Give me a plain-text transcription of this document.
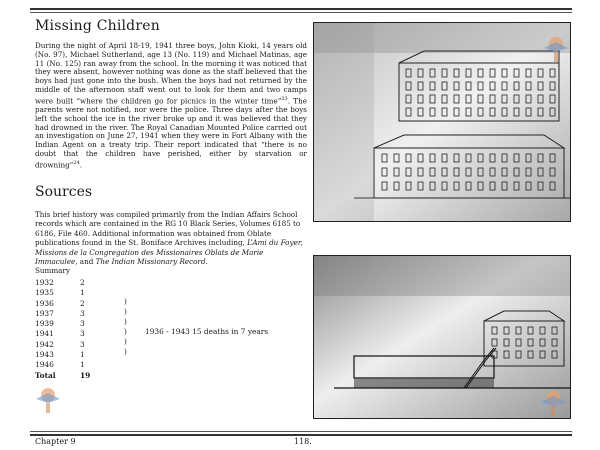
Missing Children

During the night of April 18-19, 1941 three boys, John Kioki, 14 years old (No. 97), Michael Sutherland, age 13 (No. 119) and Michael Matinas, age 11 (No. 125) ran away from the school. In the morning it was noticed that they were absent, however nothing was done as the staff believed that the boys had just gone into the bush. When the boys had not returned by the middle of the afternoon staff went out to look for them and two camps were built “where the children go for picnics in the winter time”$^{23}$. The parents were not notified, nor were the police. Three days after the boys left the school the ice in the river broke up and it was believed that they had drowned in the river. The Royal Canadian Mounted Police carried out an investigation on June 27, 1941 when they were in Fort Albany with the Indian Agent on a treaty trip. Their report indicated that “there is no doubt that the children have perished, either by starvation or drowning”$^{24}$.

Sources

This brief history was compiled primarily from the Indian Affairs School records which are contained in the RG 10 Black Series, Volumes 6185 to 6186, File 460. Additional information was obtained from Oblate publications found in the St. Boniface Archives including, L’Ami du Foyer, Missions de la Congregation des Missionaires Oblats de Marie Immaculee, and The Indian Missionary Record.
Summary

1932	2
1935	1
1936	2
1937	3
1939	3
1941	3
1942	3
1943	1
1946	1
Total	19
)
)
)
)
)
)
1936 - 1943 15 deaths in 7 years
Chapter 9	118.
